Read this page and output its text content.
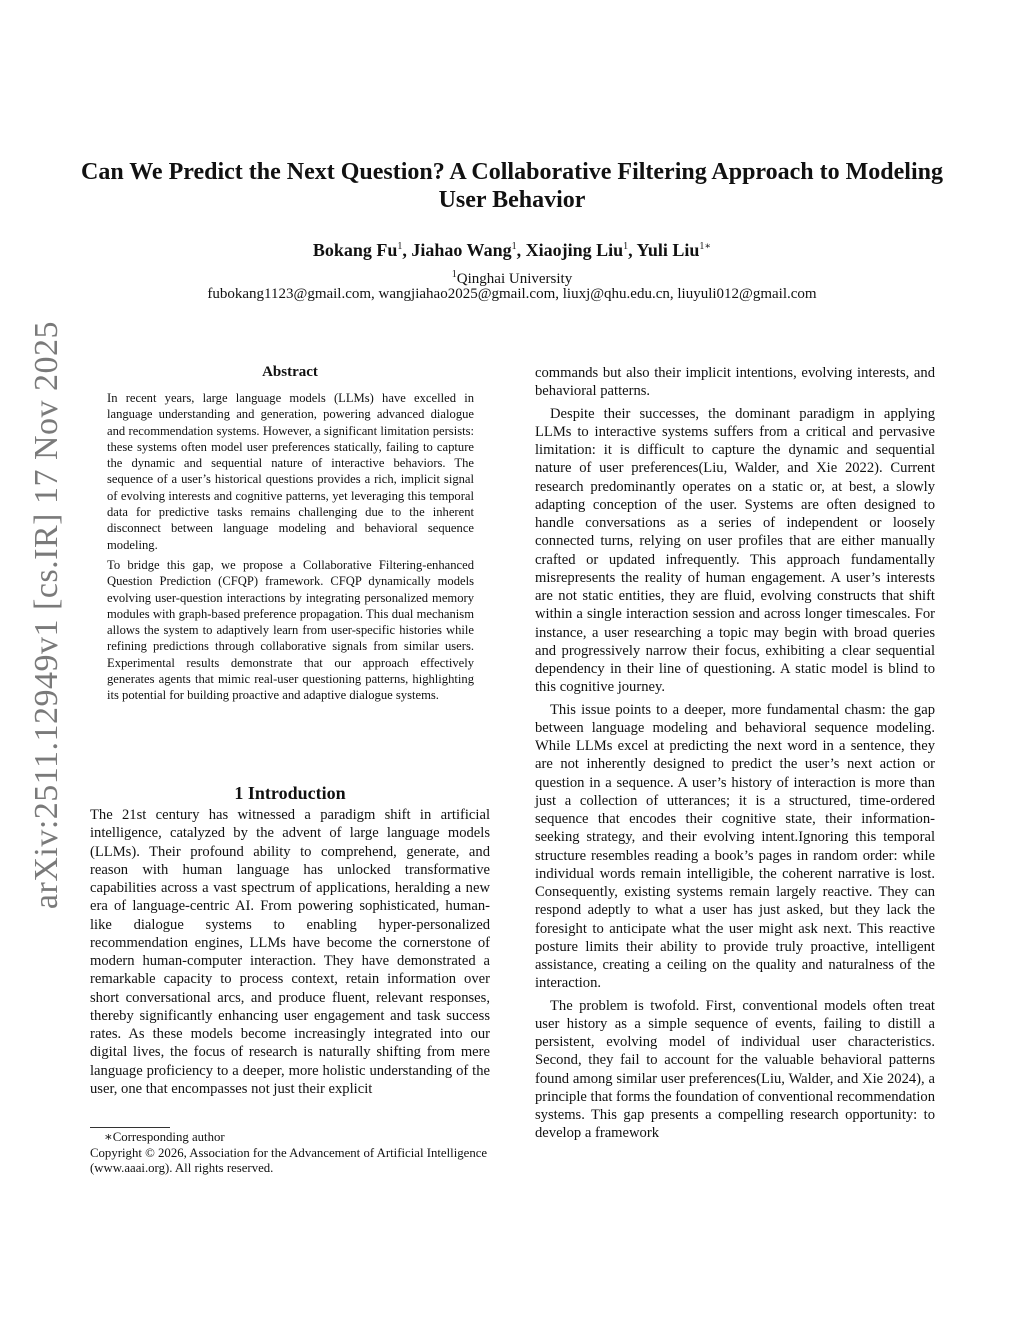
Can We Predict the Next Question? A Collaborative Filtering Approach to Modeling User Behavior
Bokang Fu$^1$, Jiahao Wang$^1$, Xiaojing Liu$^1$, Yuli Liu$^{1∗}$
$^1$Qinghai University
fubokang1123@gmail.com, wangjiahao2025@gmail.com, liuxj@qhu.edu.cn, liuyuli012@gmail.com
arXiv:2511.12949v1 [cs.IR] 17 Nov 2025	Abstract

In recent years, large language models (LLMs) have excelled in language understanding and generation, powering advanced dialogue and recommendation systems. However, a significant limitation persists: these systems often model user preferences statically, failing to capture the dynamic and sequential nature of interactive behaviors. The sequence of a user’s historical questions provides a rich, implicit signal of evolving interests and cognitive patterns, yet leveraging this temporal data for predictive tasks remains challenging due to the inherent disconnect between language modeling and behavioral sequence modeling.

To bridge this gap, we propose a Collaborative Filtering-enhanced Question Prediction (CFQP) framework. CFQP dynamically models evolving user-question interactions by integrating personalized memory modules with graph-based preference propagation. This dual mechanism allows the system to adaptively learn from user-specific histories while refining predictions through collaborative signals from similar users. Experimental results demonstrate that our approach effectively generates agents that mimic real-user questioning patterns, highlighting its potential for building proactive and adaptive dialogue systems.

1 Introduction

The 21st century has witnessed a paradigm shift in artificial intelligence, catalyzed by the advent of large language models (LLMs). Their profound ability to comprehend, generate, and reason with human language has unlocked transformative capabilities across a vast spectrum of applications, heralding a new era of language-centric AI. From powering sophisticated, human-like dialogue systems to enabling hyper-personalized recommendation engines, LLMs have become the cornerstone of modern human-computer interaction. They have demonstrated a remarkable capacity to process context, retain information over short conversational arcs, and produce fluent, relevant responses, thereby significantly enhancing user engagement and task success rates. As these models become increasingly integrated into our digital lives, the focus of research is naturally shifting from mere language proficiency to a deeper, more holistic understanding of the user, one that encompasses not just their explicit

∗Corresponding author
Copyright © 2026, Association for the Advancement of Artificial Intelligence (www.aaai.org). All rights reserved.

commands but also their implicit intentions, evolving interests, and behavioral patterns.

Despite their successes, the dominant paradigm in applying LLMs to interactive systems suffers from a critical and pervasive limitation: it is difficult to capture the dynamic and sequential nature of user preferences(Liu, Walder, and Xie 2022). Current research predominantly operates on a static or, at best, a slowly adapting conception of the user. Systems are often designed to handle conversations as a series of independent or loosely connected turns, relying on user profiles that are either manually crafted or updated infrequently. This approach fundamentally misrepresents the reality of human engagement. A user’s interests are not static entities, they are fluid, evolving constructs that shift within a single interaction session and across longer timescales. For instance, a user researching a topic may begin with broad queries and progressively narrow their focus, exhibiting a clear sequential dependency in their line of questioning. A static model is blind to this cognitive journey.

This issue points to a deeper, more fundamental chasm: the gap between language modeling and behavioral sequence modeling. While LLMs excel at predicting the next word in a sentence, they are not inherently designed to predict the user’s next action or question in a sequence. A user’s history of interaction is more than just a collection of utterances; it is a structured, time-ordered sequence that encodes their cognitive state, their information-seeking strategy, and their evolving intent.Ignoring this temporal structure resembles reading a book’s pages in random order: while individual words remain intelligible, the coherent narrative is lost. Consequently, existing systems remain largely reactive. They can respond adeptly to what a user has just asked, but they lack the foresight to anticipate what the user might ask next. This reactive posture limits their ability to provide truly proactive, intelligent assistance, creating a ceiling on the quality and naturalness of the interaction.

The problem is twofold. First, conventional models often treat user history as a simple sequence of events, failing to distill a persistent, evolving model of individual user characteristics. Second, they fail to account for the valuable behavioral patterns found among similar user preferences(Liu, Walder, and Xie 2024), a principle that forms the foundation of conventional recommendation systems. This gap presents a compelling research opportunity: to develop a framework
